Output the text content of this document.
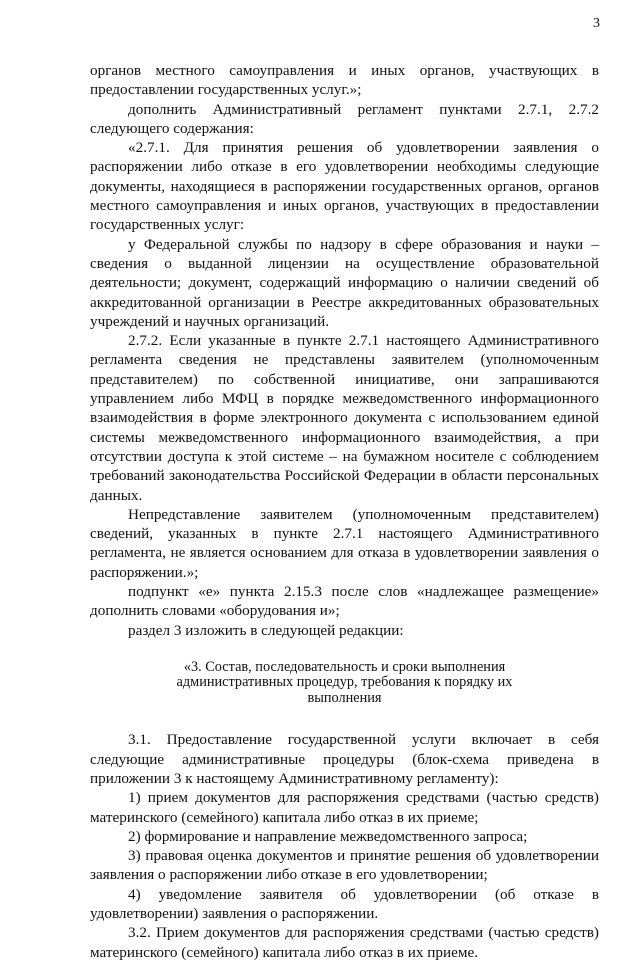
3

органов местного самоуправления и иных органов, участвующих в предоставлении государственных услуг.»;

дополнить Административный регламент пунктами 2.7.1, 2.7.2 следующего содержания:

«2.7.1. Для принятия решения об удовлетворении заявления о распоряжении либо отказе в его удовлетворении необходимы следующие документы, находящиеся в распоряжении государственных органов, органов местного самоуправления и иных органов, участвующих в предоставлении государственных услуг:

у Федеральной службы по надзору в сфере образования и науки – сведения о выданной лицензии на осуществление образовательной деятельности; документ, содержащий информацию о наличии сведений об аккредитованной организации в Реестре аккредитованных образовательных учреждений и научных организаций.

2.7.2. Если указанные в пункте 2.7.1 настоящего Административного регламента сведения не представлены заявителем (уполномоченным представителем) по собственной инициативе, они запрашиваются управлением либо МФЦ в порядке межведомственного информационного взаимодействия в форме электронного документа с использованием единой системы межведомственного информационного взаимодействия, а при отсутствии доступа к этой системе – на бумажном носителе с соблюдением требований законодательства Российской Федерации в области персональных данных.

Непредставление заявителем (уполномоченным представителем) сведений, указанных в пункте 2.7.1 настоящего Административного регламента, не является основанием для отказа в удовлетворении заявления о распоряжении.»;

подпункт «е» пункта 2.15.3 после слов «надлежащее размещение» дополнить словами «оборудования и»;

раздел 3 изложить в следующей редакции:

«3. Состав, последовательность и сроки выполнения
административных процедур, требования к порядку их
выполнения

3.1. Предоставление государственной услуги включает в себя следующие административные процедуры (блок-схема приведена в приложении 3 к настоящему Административному регламенту):

1) прием документов для распоряжения средствами (частью средств) материнского (семейного) капитала либо отказ в их приеме;

2) формирование и направление межведомственного запроса;

3) правовая оценка документов и принятие решения об удовлетворении заявления о распоряжении либо отказе в его удовлетворении;

4) уведомление заявителя об удовлетворении (об отказе в удовлетворении) заявления о распоряжении.

3.2. Прием документов для распоряжения средствами (частью средств) материнского (семейного) капитала либо отказ в их приеме.
